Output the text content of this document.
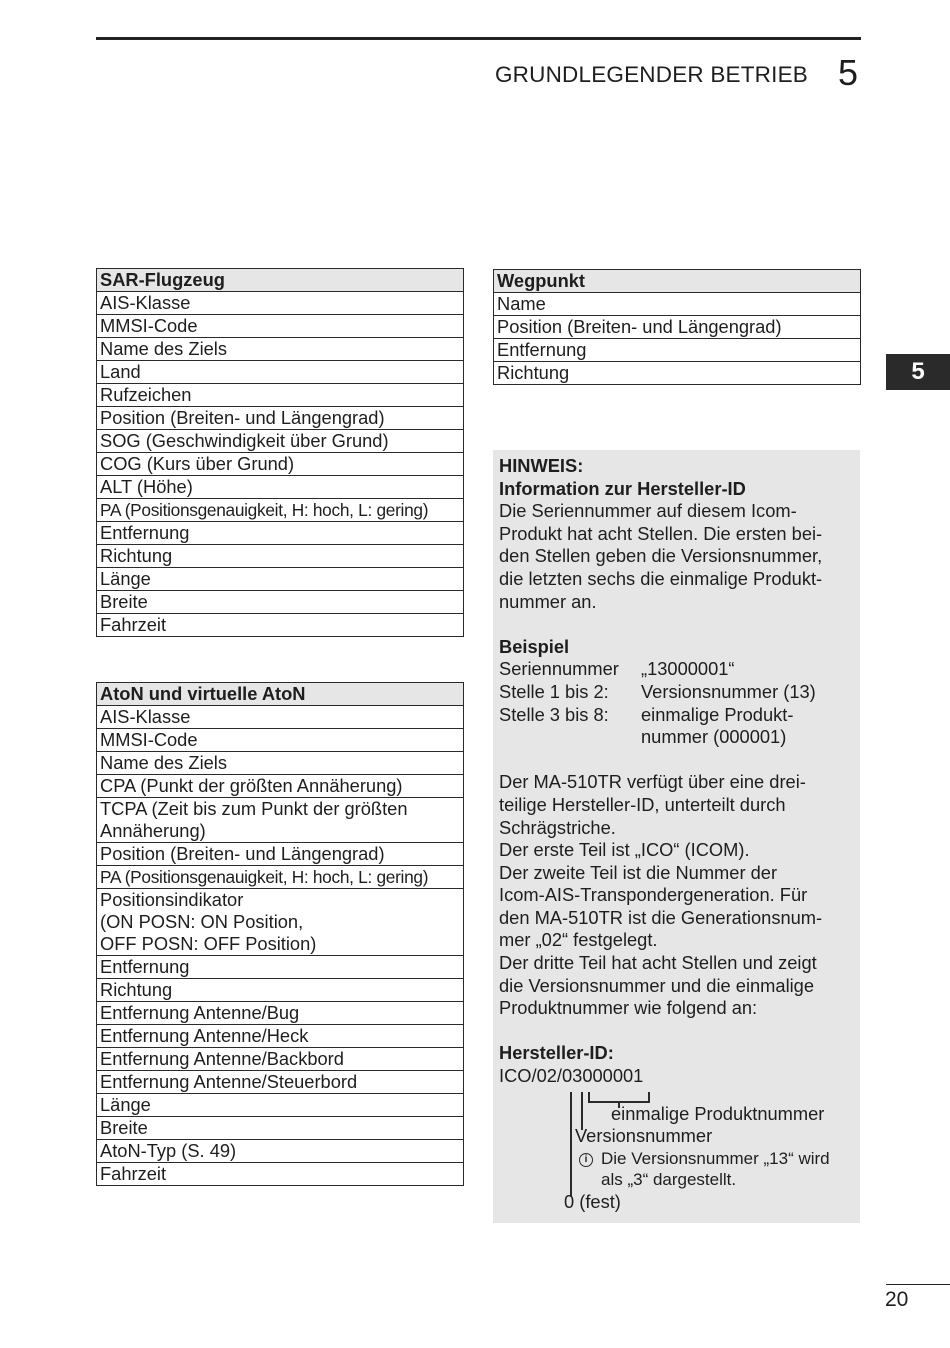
GRUNDLEGENDER BETRIEB 5
5
SAR-Flugzeug
AIS-Klasse
MMSI-Code
Name des Ziels
Land
Rufzeichen
Position (Breiten- und Längengrad)
SOG (Geschwindigkeit über Grund)
COG (Kurs über Grund)
ALT (Höhe)
PA (Positionsgenauigkeit, H: hoch, L: gering)
Entfernung
Richtung
Länge
Breite
Fahrzeit
Wegpunkt
Name
Position (Breiten- und Längengrad)
Entfernung
Richtung
AtoN und virtuelle AtoN
AIS-Klasse
MMSI-Code
Name des Ziels
CPA (Punkt der größten Annäherung)
TCPA (Zeit bis zum Punkt der größten
Annäherung)
Position (Breiten- und Längengrad)
PA (Positionsgenauigkeit, H: hoch, L: gering)
Positionsindikator
(ON POSN: ON Position,
OFF POSN: OFF Position)
Entfernung
Richtung
Entfernung Antenne/Bug
Entfernung Antenne/Heck
Entfernung Antenne/Backbord
Entfernung Antenne/Steuerbord
Länge
Breite
AtoN-Typ (S. 49)
Fahrzeit
HINWEIS:
Information zur Hersteller-ID
Die Seriennummer auf diesem Icom-
Produkt hat acht Stellen. Die ersten bei-
den Stellen geben die Versionsnummer,
die letzten sechs die einmalige Produkt-
nummer an.
Beispiel
Seriennummer	„13000001“
Stelle 1 bis 2:	Versionsnummer (13)
Stelle 3 bis 8:	einmalige Produkt-
nummer (000001)
Der MA-510TR verfügt über eine drei-
teilige Hersteller-ID, unterteilt durch
Schrägstriche.
Der erste Teil ist „ICO“ (ICOM).
Der zweite Teil ist die Nummer der
Icom-AIS-Transpondergeneration. Für
den MA-510TR ist die Generationsnum-
mer „02“ festgelegt.
Der dritte Teil hat acht Stellen und zeigt
die Versionsnummer und die einmalige
Produktnummer wie folgend an:
Hersteller-ID:
ICO/02/03000001
einmalige Produktnummer
Versionsnummer
i Die Versionsnummer „13“ wird
als „3“ dargestellt.
0 (fest)
20
